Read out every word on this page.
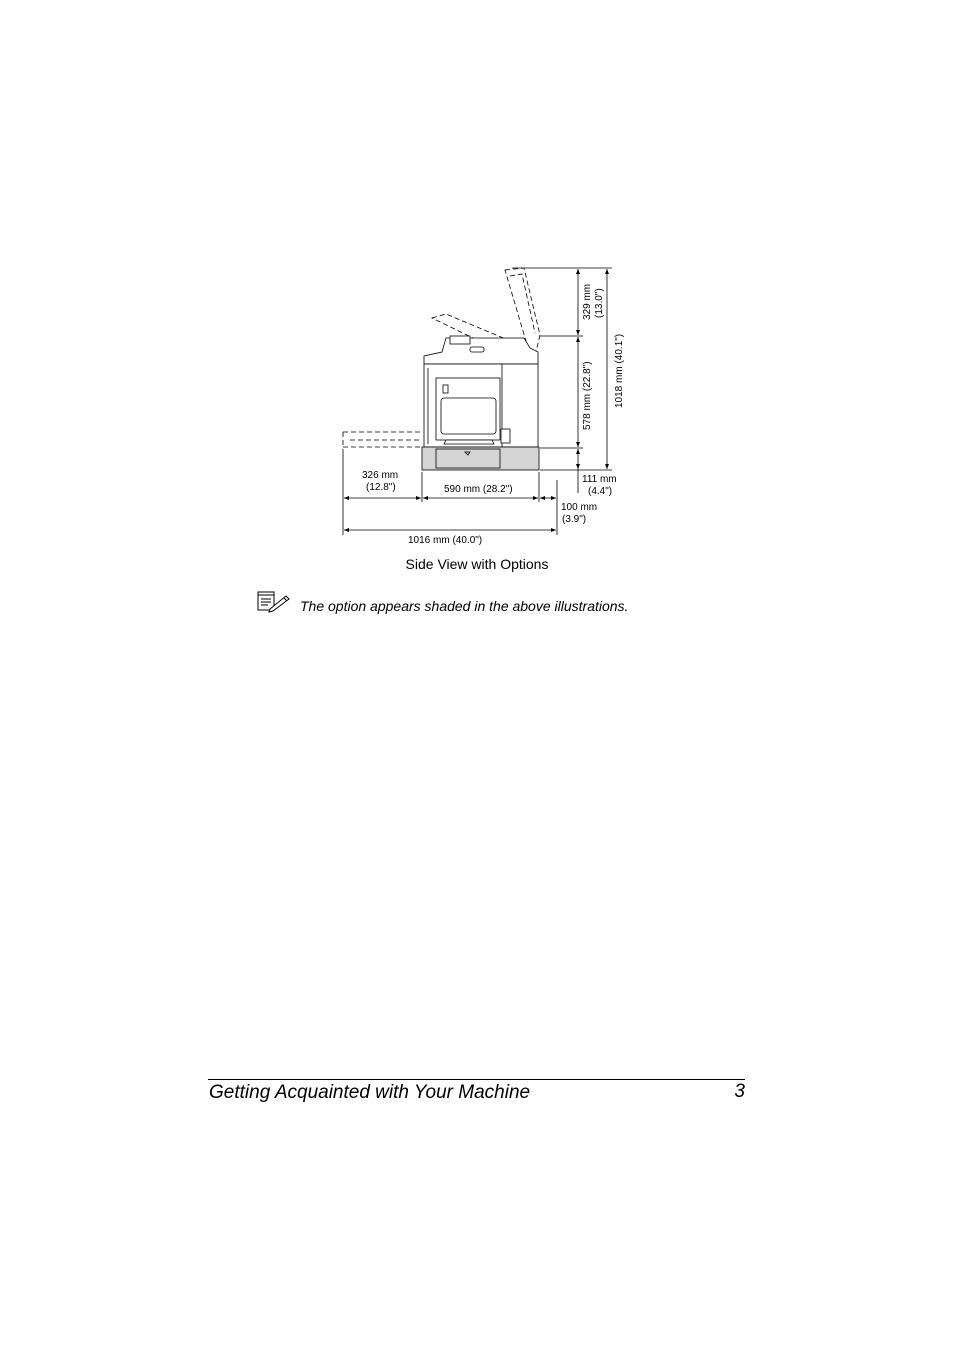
329 mm (13.0")
578 mm (22.8") 1018 mm (40.1")
111 mm
(4.4")
326 mm
(12.8")	590 mm (28.2")
100 mm
(3.9")
1016 mm (40.0")
Side View with Options
The option appears shaded in the above illustrations.
Getting Acquainted with Your Machine	3
